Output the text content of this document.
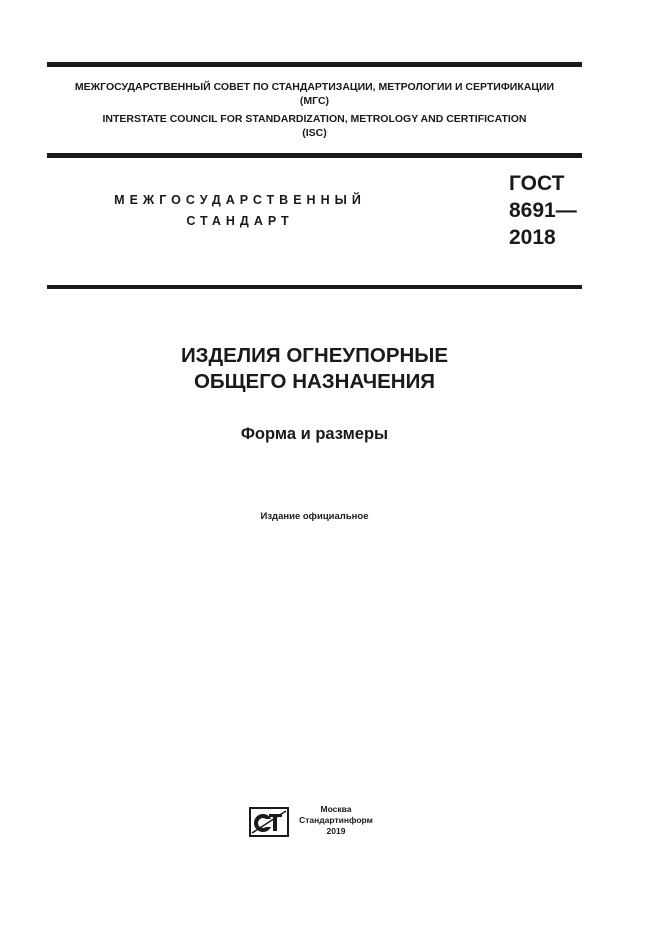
МЕЖГОСУДАРСТВЕННЫЙ СОВЕТ ПО СТАНДАРТИЗАЦИИ, МЕТРОЛОГИИ И СЕРТИФИКАЦИИ
(МГС)
INTERSTATE COUNCIL FOR STANDARDIZATION, METROLOGY AND CERTIFICATION
(ISC)
МЕЖГОСУДАРСТВЕННЫЙ
СТАНДАРТ
ГОСТ
8691—
2018
ИЗДЕЛИЯ ОГНЕУПОРНЫЕ
ОБЩЕГО НАЗНАЧЕНИЯ
Форма и размеры
Издание официальное
Москва
Стандартинформ
2019
